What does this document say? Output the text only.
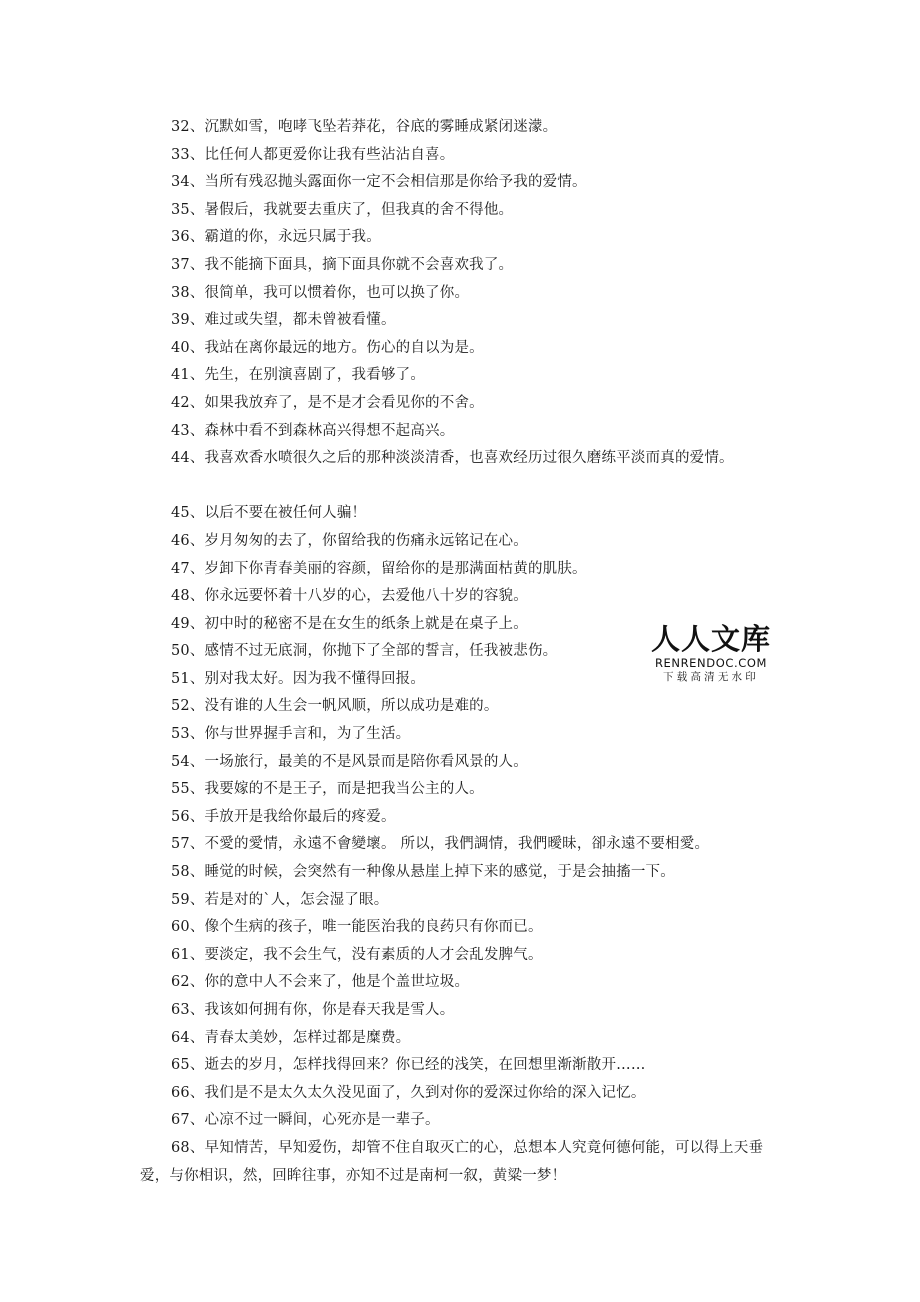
32、沉默如雪，咆哮飞坠若莽花，谷底的雾睡成紧闭迷濛。
33、比任何人都更爱你让我有些沾沾自喜。
34、当所有残忍抛头露面你一定不会相信那是你给予我的爱情。
35、暑假后，我就要去重庆了，但我真的舍不得他。
36、霸道的你，永远只属于我。
37、我不能摘下面具，摘下面具你就不会喜欢我了。
38、很简单，我可以惯着你，也可以换了你。
39、难过或失望，都未曾被看懂。
40、我站在离你最远的地方。伤心的自以为是。
41、先生，在别演喜剧了，我看够了。
42、如果我放弃了，是不是才会看见你的不舍。
43、森林中看不到森林高兴得想不起高兴。
44、我喜欢香水喷很久之后的那种淡淡清香，也喜欢经历过很久磨练平淡而真的爱情。
45、以后不要在被任何人骗！
46、岁月匆匆的去了，你留给我的伤痛永远铭记在心。
47、岁卸下你青春美丽的容颜，留给你的是那满面枯黄的肌肤。
48、你永远要怀着十八岁的心，去爱他八十岁的容貌。
49、初中时的秘密不是在女生的纸条上就是在桌子上。
50、感情不过无底洞，你抛下了全部的誓言，任我被悲伤。
51、别对我太好。因为我不懂得回报。
52、没有谁的人生会一帆风顺，所以成功是难的。
53、你与世界握手言和，为了生活。
54、一场旅行，最美的不是风景而是陪你看风景的人。
55、我要嫁的不是王子，而是把我当公主的人。
56、手放开是我给你最后的疼爱。
57、不愛的愛情，永遠不會變壞。 所以，我們調情，我們曖昧，卻永遠不要相愛。
58、睡觉的时候，会突然有一种像从悬崖上掉下来的感觉，于是会抽搐一下。
59、若是对的`人，怎会湿了眼。
60、像个生病的孩子，唯一能医治我的良药只有你而已。
61、要淡定，我不会生气，没有素质的人才会乱发脾气。
62、你的意中人不会来了，他是个盖世垃圾。
63、我该如何拥有你，你是春天我是雪人。
64、青春太美妙，怎样过都是糜费。
65、逝去的岁月，怎样找得回来？你已经的浅笑，在回想里渐渐散开……
66、我们是不是太久太久没见面了，久到对你的爱深过你给的深入记忆。
67、心凉不过一瞬间，心死亦是一辈子。
68、早知情苦，早知爱伤，却管不住自取灭亡的心，总想本人究竟何德何能，可以得上天垂爱，与你相识，然，回眸往事，亦知不过是南柯一叙，黄粱一梦！
人人文库
RENRENDOC.COM
下载高清无水印
